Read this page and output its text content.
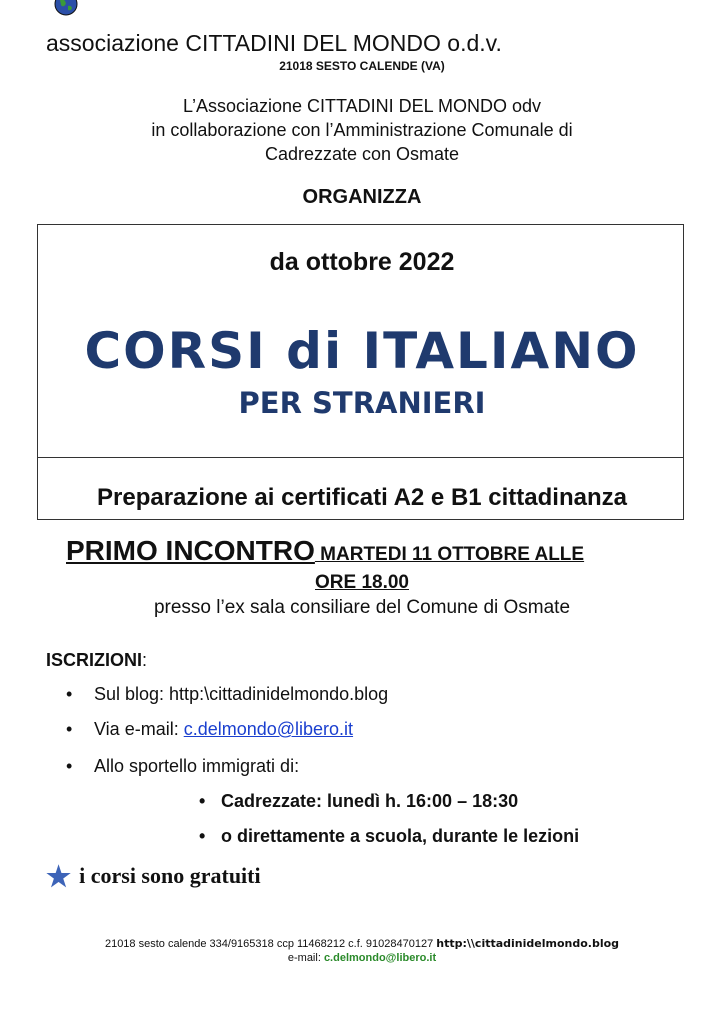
associazione CITTADINI DEL MONDO o.d.v.
21018 SESTO CALENDE (VA)
L’Associazione CITTADINI DEL MONDO odv
in collaborazione con l’Amministrazione Comunale di
Cadrezzate con Osmate
ORGANIZZA
da ottobre 2022
CORSI di ITALIANO
PER STRANIERI
Preparazione ai certificati A2 e B1 cittadinanza
PRIMO INCONTRO MARTEDI 11 OTTOBRE ALLE
ORE 18.00
presso l’ex sala consiliare del Comune di Osmate
ISCRIZIONI:
• Sul blog: http:\cittadinidelmondo.blog
• Via e-mail: c.delmondo@libero.it
• Allo sportello immigrati di:
• Cadrezzate: lunedì h. 16:00 – 18:30
• o direttamente a scuola, durante le lezioni
★ i corsi sono gratuiti
21018 sesto calende 334/9165318 ccp 11468212 c.f. 91028470127 http:\\cittadinidelmondo.blog
e-mail: c.delmondo@libero.it
